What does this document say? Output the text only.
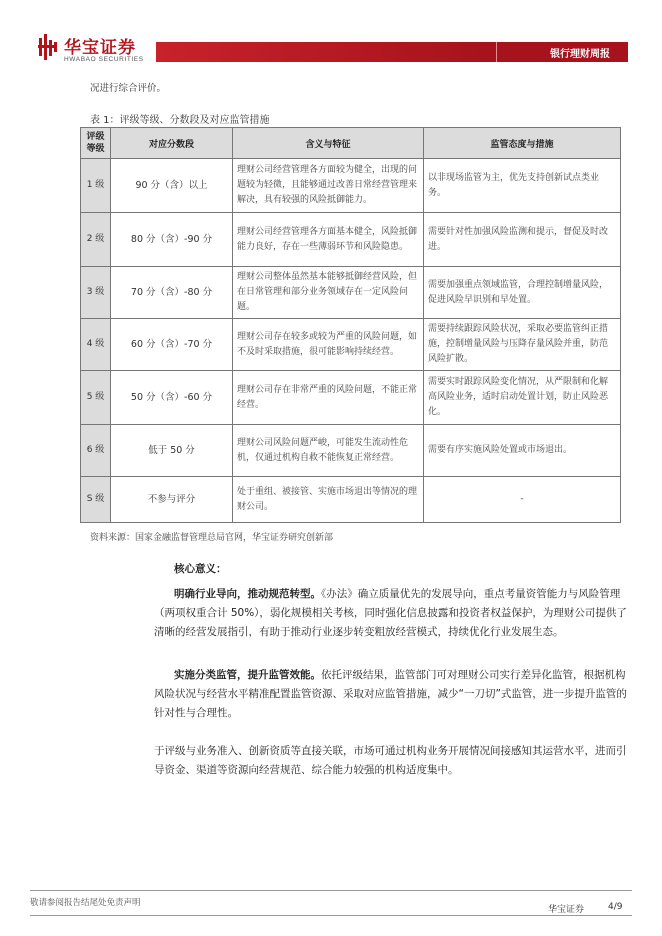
华宝证券
HWABAO SECURITIES	银行理财周报
况进行综合评价。
表 1：评级等级、分数段及对应监管措施
评级
等级	对应分数段	含义与特征	监管态度与措施
1 级	90 分（含）以上	理财公司经营管理各方面较为健全，出现的问题较为轻微，且能够通过改善日常经营管理来解决，具有较强的风险抵御能力。	以非现场监管为主，优先支持创新试点类业务。
2 级	80 分（含）-90 分	理财公司经营管理各方面基本健全，风险抵御能力良好，存在一些薄弱环节和风险隐患。	需要针对性加强风险监测和提示，督促及时改进。
3 级	70 分（含）-80 分	理财公司整体虽然基本能够抵御经营风险，但在日常管理和部分业务领域存在一定风险问题。	需要加强重点领域监管，合理控制增量风险，促进风险早识别和早处置。
4 级	60 分（含）-70 分	理财公司存在较多或较为严重的风险问题，如不及时采取措施，很可能影响持续经营。	需要持续跟踪风险状况，采取必要监管纠正措施，控制增量风险与压降存量风险并重，防范风险扩散。
5 级	50 分（含）-60 分	理财公司存在非常严重的风险问题，不能正常经营。	需要实时跟踪风险变化情况，从严限制和化解高风险业务，适时启动处置计划，防止风险恶化。
6 级	低于 50 分	理财公司风险问题严峻，可能发生流动性危机，仅通过机构自救不能恢复正常经营。	需要有序实施风险处置或市场退出。
S 级	不参与评分	处于重组、被接管、实施市场退出等情况的理财公司。	-
资料来源：国家金融监督管理总局官网，华宝证券研究创新部
核心意义：
明确行业导向，推动规范转型。《办法》确立质量优先的发展导向，重点考量资管能力与风险管理（两项权重合计 50%），弱化规模相关考核，同时强化信息披露和投资者权益保护，为理财公司提供了清晰的经营发展指引，有助于推动行业逐步转变粗放经营模式，持续优化行业发展生态。
实施分类监管，提升监管效能。依托评级结果，监管部门可对理财公司实行差异化监管，根据机构风险状况与经营水平精准配置监管资源、采取对应监管措施，减少“一刀切”式监管，进一步提升监管的针对性与合理性。
于评级与业务准入、创新资质等直接关联，市场可通过机构业务开展情况间接感知其运营水平，进而引导资金、渠道等资源向经营规范、综合能力较强的机构适度集中。
敬请参阅报告结尾处免责声明
华宝证券	4/9
